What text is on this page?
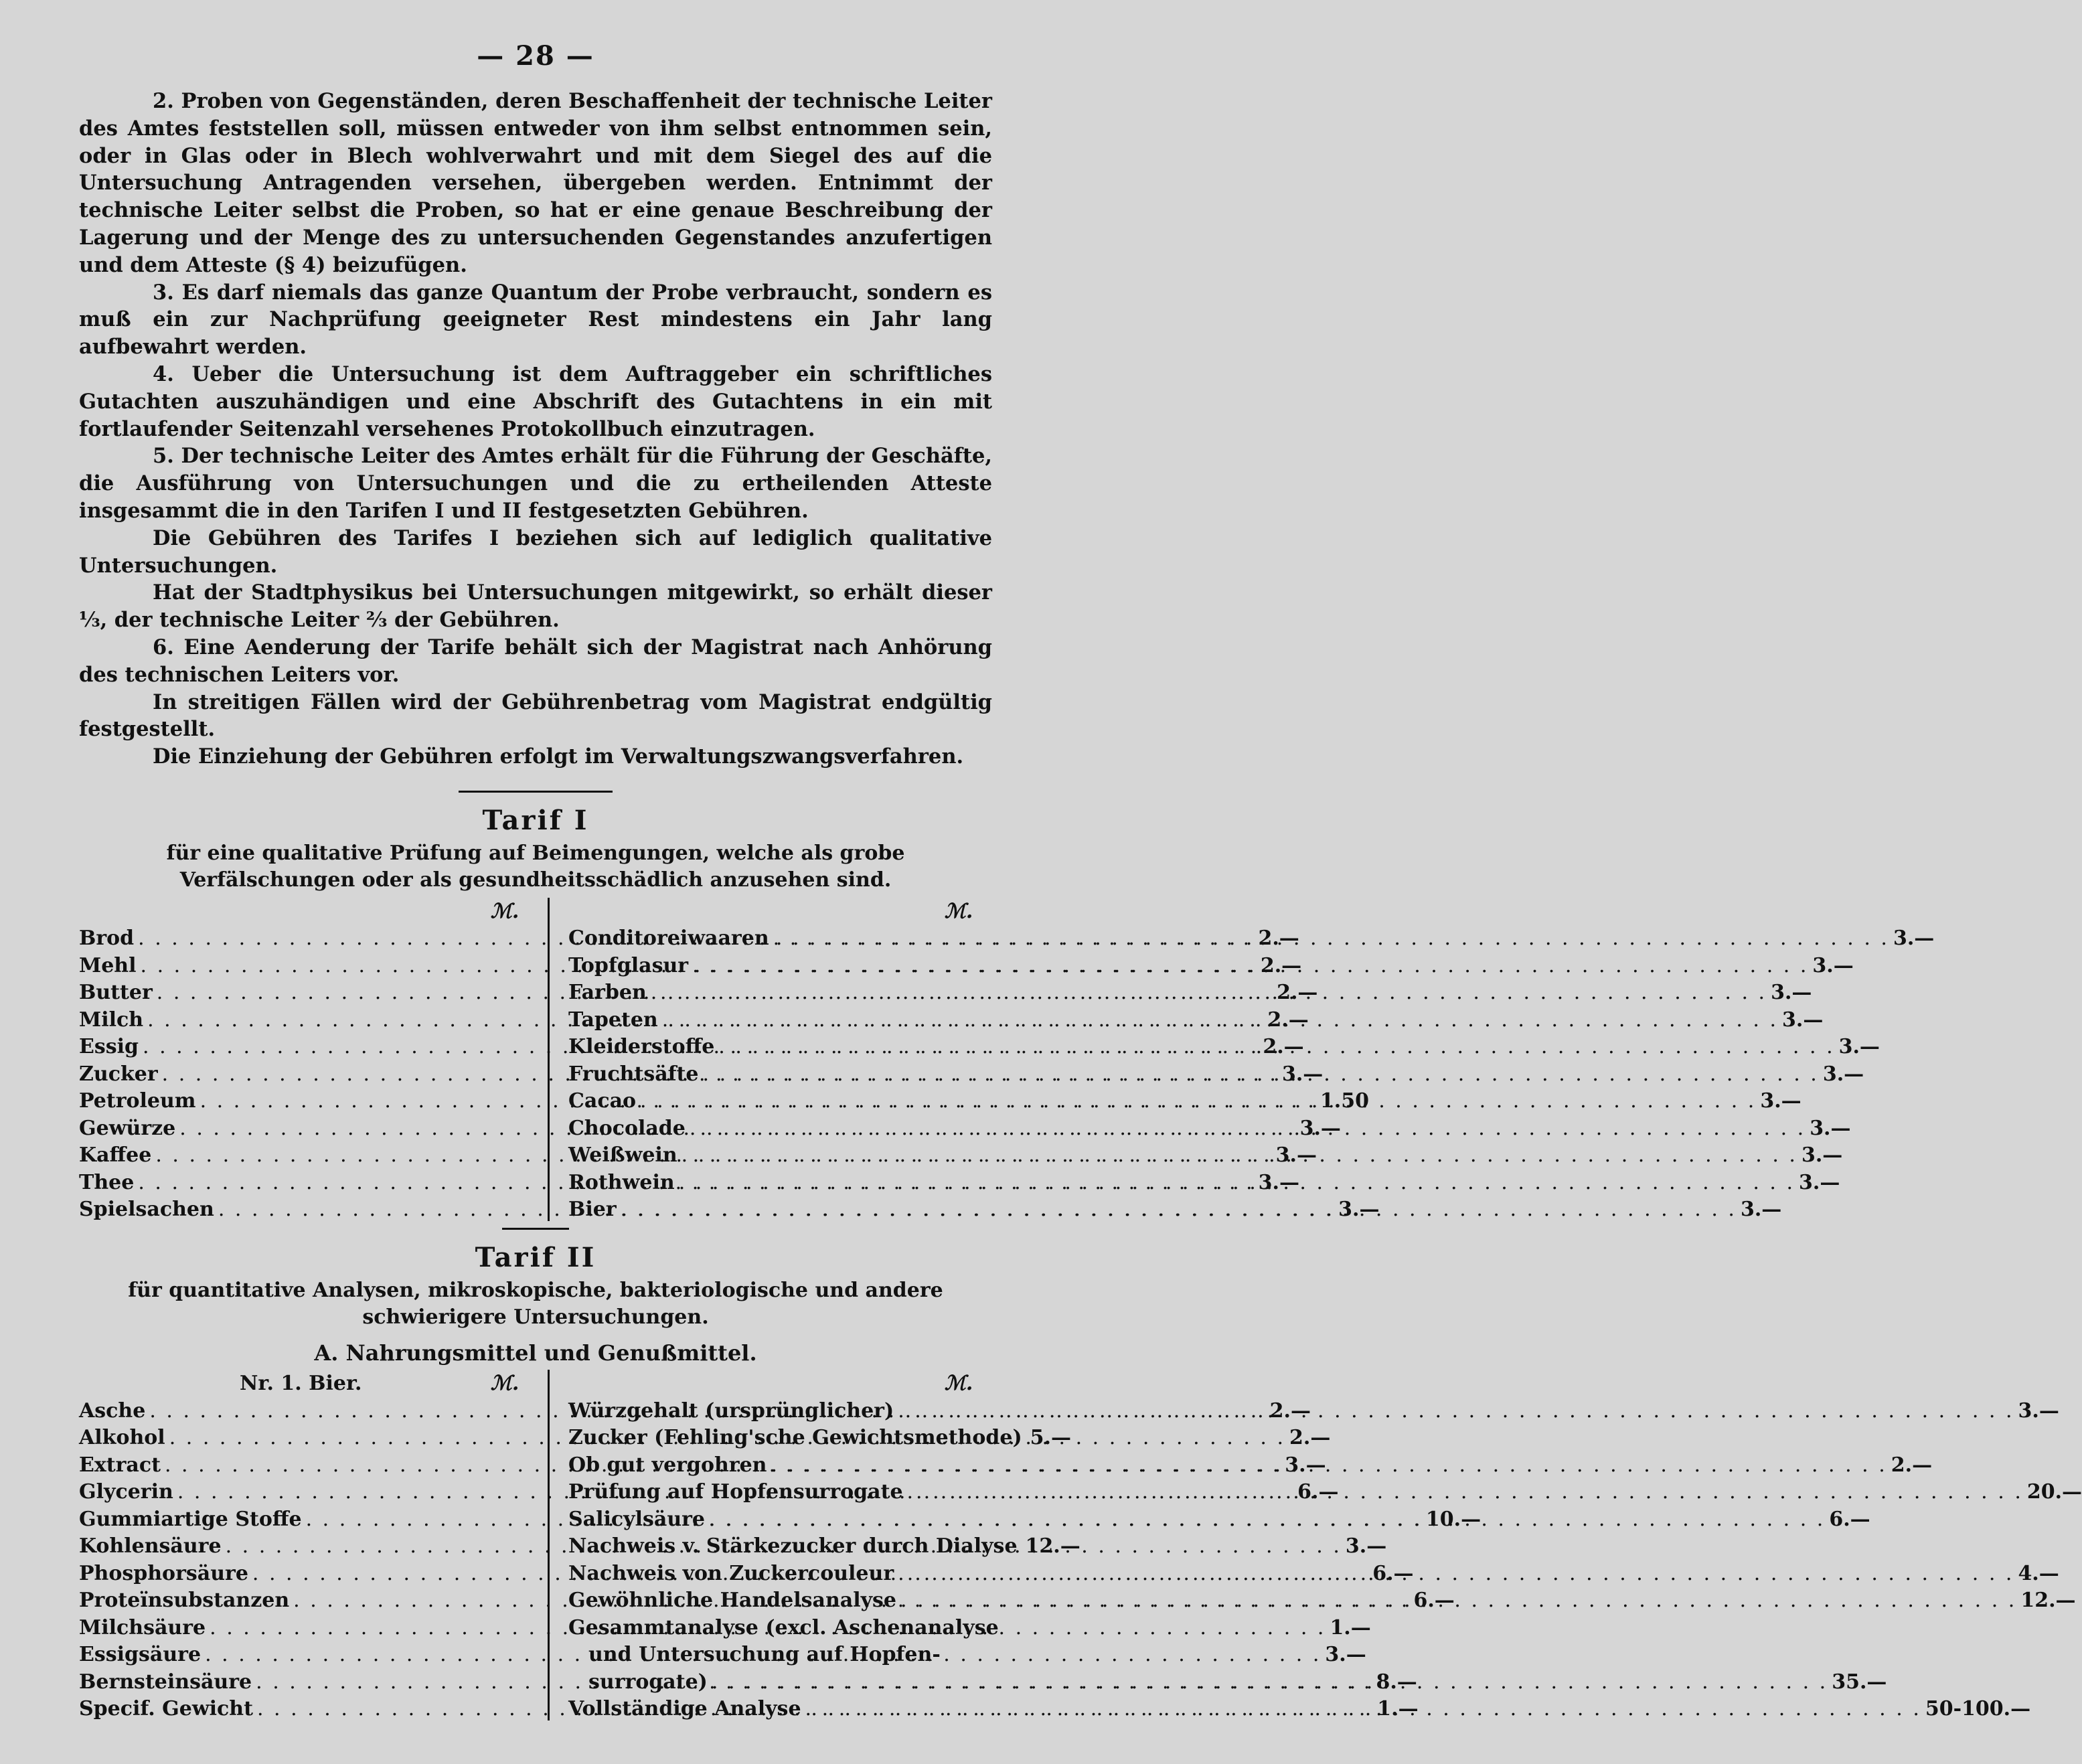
— 28 —

2. Proben von Gegenständen, deren Beschaffenheit der technische Leiter des Amtes feststellen soll, müssen entweder von ihm selbst entnommen sein, oder in Glas oder in Blech wohlverwahrt und mit dem Siegel des auf die Untersuchung Antragenden versehen, übergeben werden. Entnimmt der technische Leiter selbst die Proben, so hat er eine genaue Beschreibung der Lagerung und der Menge des zu untersuchenden Gegenstandes anzufertigen und dem Atteste (§ 4) beizufügen.

3. Es darf niemals das ganze Quantum der Probe verbraucht, sondern es muß ein zur Nachprüfung geeigneter Rest mindestens ein Jahr lang aufbewahrt werden.

4. Ueber die Untersuchung ist dem Auftraggeber ein schriftliches Gutachten auszuhändigen und eine Abschrift des Gutachtens in ein mit fortlaufender Seitenzahl versehenes Protokollbuch einzutragen.

5. Der technische Leiter des Amtes erhält für die Führung der Geschäfte, die Ausführung von Untersuchungen und die zu ertheilenden Atteste insgesammt die in den Tarifen I und II festgesetzten Gebühren.

Die Gebühren des Tarifes I beziehen sich auf lediglich qualitative Untersuchungen.

Hat der Stadtphysikus bei Untersuchungen mitgewirkt, so erhält dieser ⅓, der technische Leiter ⅔ der Gebühren.

6. Eine Aenderung der Tarife behält sich der Magistrat nach Anhörung des technischen Leiters vor.

In streitigen Fällen wird der Gebührenbetrag vom Magistrat endgültig festgestellt.

Die Einziehung der Gebühren erfolgt im Verwaltungszwangsverfahren.

Tarif I
für eine qualitative Prüfung auf Beimengungen, welche als grobe Verfälschungen oder als gesundheitsschädlich anzusehen sind.
ℳ.
Brod . . .	2.—
Mehl . . .	2.—
Butter . . .	2.—
Milch . . .	2.—
Essig . . .	2.—
Zucker . . .	3.—
Petroleum . . .	1.50
Gewürze . . .	3.—
Kaffee . . .	3.—
Thee . . .	3.—
Spielsachen . . .	3.—
ℳ.
Conditoreiwaaren . . .	3.—
Topfglasur . . .	3.—
Farben . . .	3.—
Tapeten . . .	3.—
Kleiderstoffe . . .	3.—
Fruchtsäfte . . .	3.—
Cacao . . .	3.—
Chocolade . . .	3.—
Weißwein . . .	3.—
Rothwein . . .	3.—
Bier . . .	3.—
Tarif II
für quantitative Analysen, mikroskopische, bakteriologische und andere schwierigere Untersuchungen.
A. Nahrungsmittel und Genußmittel.
Nr. 1. Bier.	ℳ.
Asche . . .	2.—
Alkohol . . .	2.—
Extract . . .	3.—
Glycerin . . .	6.—
Gummiartige Stoffe . . .	10.—
Kohlensäure . . .	3.—
Phosphorsäure . . .	6.—
Proteïnsubstanzen . . .	6.—
Milchsäure . . .	1.—
Essigsäure . . .	3.—
Bernsteinsäure . . .	8.—
Specif. Gewicht . . .	1.—
ℳ.
Würzgehalt (ursprünglicher) . . .	3.—
Zucker (Fehling'sche Gewichtsmethode) 5.—
Ob gut vergohren . . .	2.—
Prüfung auf Hopfensurrogate . . .	20.—
Salicylsäure . . .	6.—
Nachweis v. Stärkezucker durch Dialyse 12.—
Nachweis von Zuckercouleur . . .	4.—
Gewöhnliche Handelsanalyse . . .	12.—
Gesammtanalyse (excl. Aschenanalyse
und Untersuchung auf Hopfen-
surrogate) . . .	35.—
Vollständige Analyse . . .	50-100.—
